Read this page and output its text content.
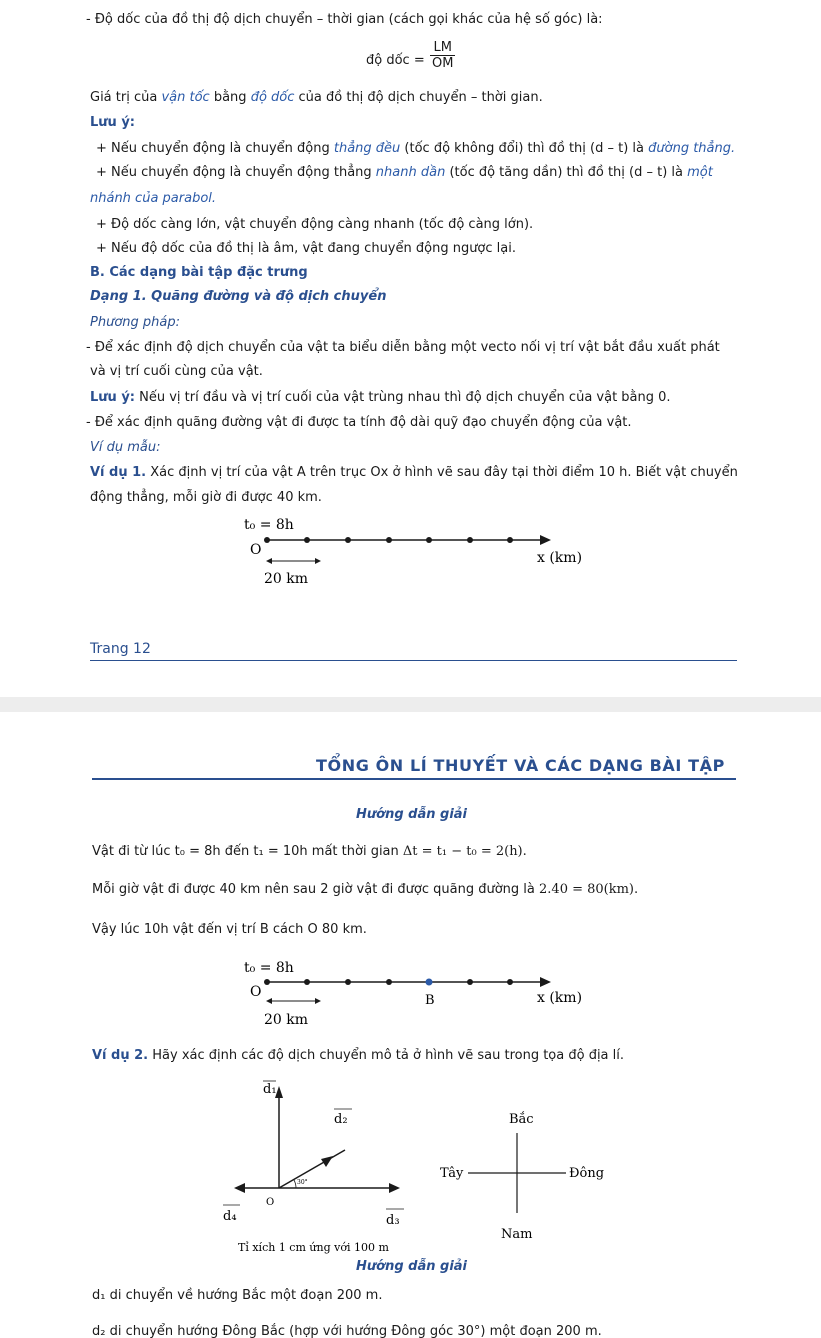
- Độ dốc của đồ thị độ dịch chuyển – thời gian (cách gọi khác của hệ số góc) là:
độ dốc = $\frac{LM}{OM}$
Giá trị của vận tốc bằng độ dốc của đồ thị độ dịch chuyển – thời gian.
Lưu ý:
+ Nếu chuyển động là chuyển động thẳng đều (tốc độ không đổi) thì đồ thị (d – t) là đường thẳng.
+ Nếu chuyển động là chuyển động thẳng nhanh dần (tốc độ tăng dần) thì đồ thị (d – t) là một
nhánh của parabol.
+ Độ dốc càng lớn, vật chuyển động càng nhanh (tốc độ càng lớn).
+ Nếu độ dốc của đồ thị là âm, vật đang chuyển động ngược lại.
B. Các dạng bài tập đặc trưng
Dạng 1. Quãng đường và độ dịch chuyển
Phương pháp:
- Để xác định độ dịch chuyển của vật ta biểu diễn bằng một vecto nối vị trí vật bắt đầu xuất phát
và vị trí cuối cùng của vật.
Lưu ý: Nếu vị trí đầu và vị trí cuối của vật trùng nhau thì độ dịch chuyển của vật bằng 0.
- Để xác định quãng đường vật đi được ta tính độ dài quỹ đạo chuyển động của vật.
Ví dụ mẫu:
Ví dụ 1. Xác định vị trí của vật A trên trục Ox ở hình vẽ sau đây tại thời điểm 10 h. Biết vật chuyển
động thẳng, mỗi giờ đi được 40 km.
t₀ = 8h
O	x (km)
20 km
Trang 12
TỔNG ÔN LÍ THUYẾT VÀ CÁC DẠNG BÀI TẬP
Hướng dẫn giải
Vật đi từ lúc t₀ = 8h đến t₁ = 10h mất thời gian Δt = t₁ − t₀ = 2(h).
Mỗi giờ vật đi được 40 km nên sau 2 giờ vật đi được quãng đường là 2.40 = 80(km).
Vậy lúc 10h vật đến vị trí B cách O 80 km.
t₀ = 8h
O
B	x (km)
20 km
Ví dụ 2. Hãy xác định các độ dịch chuyển mô tả ở hình vẽ sau trong tọa độ địa lí.
30°
O
d₁
d₂
d₃
d₄
Tỉ xích 1 cm ứng với 100 m
Bắc
Nam
Tây	Đông
Hướng dẫn giải
d₁ di chuyển về hướng Bắc một đoạn 200 m.
d₂ di chuyển hướng Đông Bắc (hợp với hướng Đông góc 30°) một đoạn 200 m.
